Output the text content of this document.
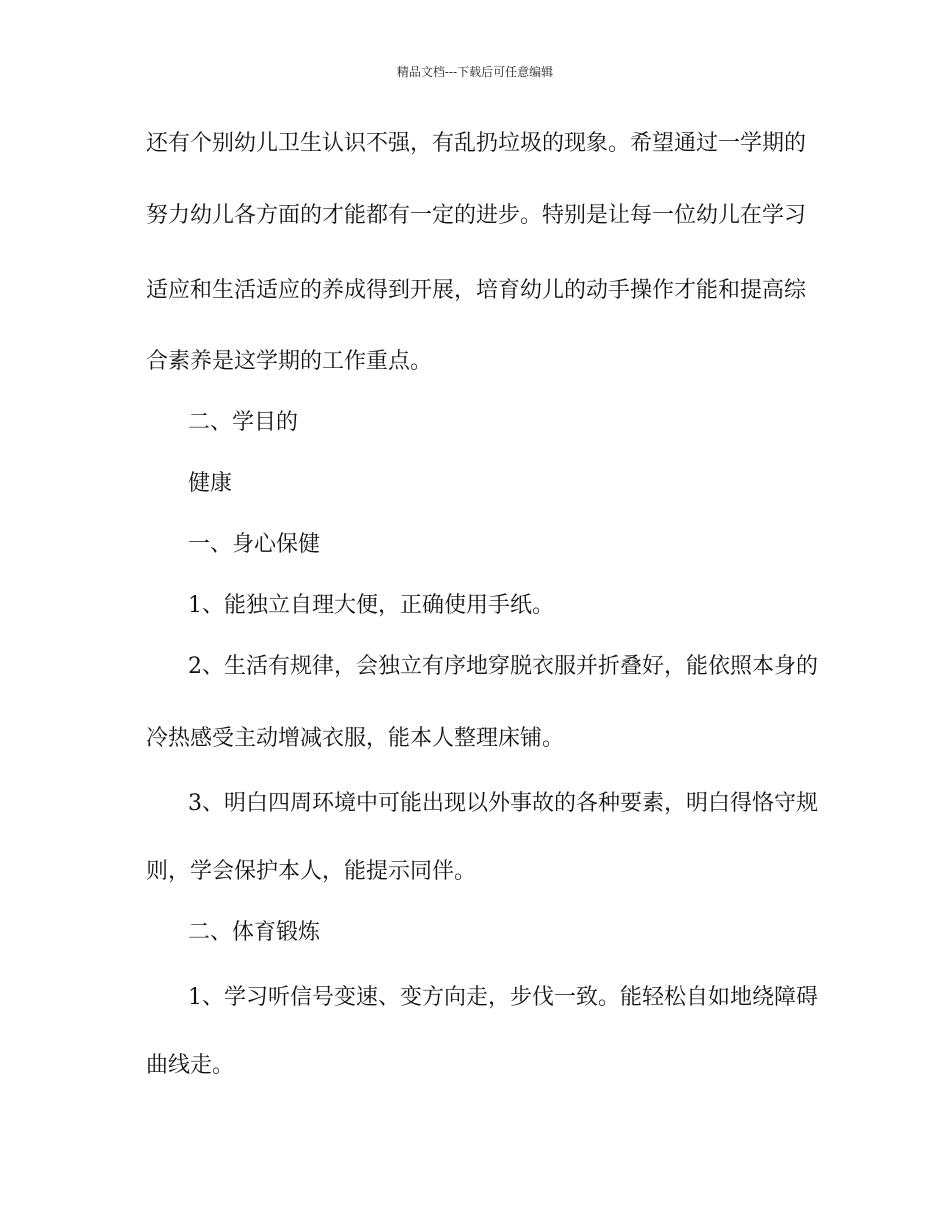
精品文档---下载后可任意编辑
还有个别幼儿卫生认识不强，有乱扔垃圾的现象。希望通过一学期的
努力幼儿各方面的才能都有一定的进步。特别是让每一位幼儿在学习
适应和生活适应的养成得到开展，培育幼儿的动手操作才能和提高综
合素养是这学期的工作重点。
二、学目的
健康
一、身心保健
1、能独立自理大便，正确使用手纸。
2、生活有规律，会独立有序地穿脱衣服并折叠好，能依照本身的
冷热感受主动增减衣服，能本人整理床铺。
3、明白四周环境中可能出现以外事故的各种要素，明白得恪守规
则，学会保护本人，能提示同伴。
二、体育锻炼
1、学习听信号变速、变方向走，步伐一致。能轻松自如地绕障碍
曲线走。
